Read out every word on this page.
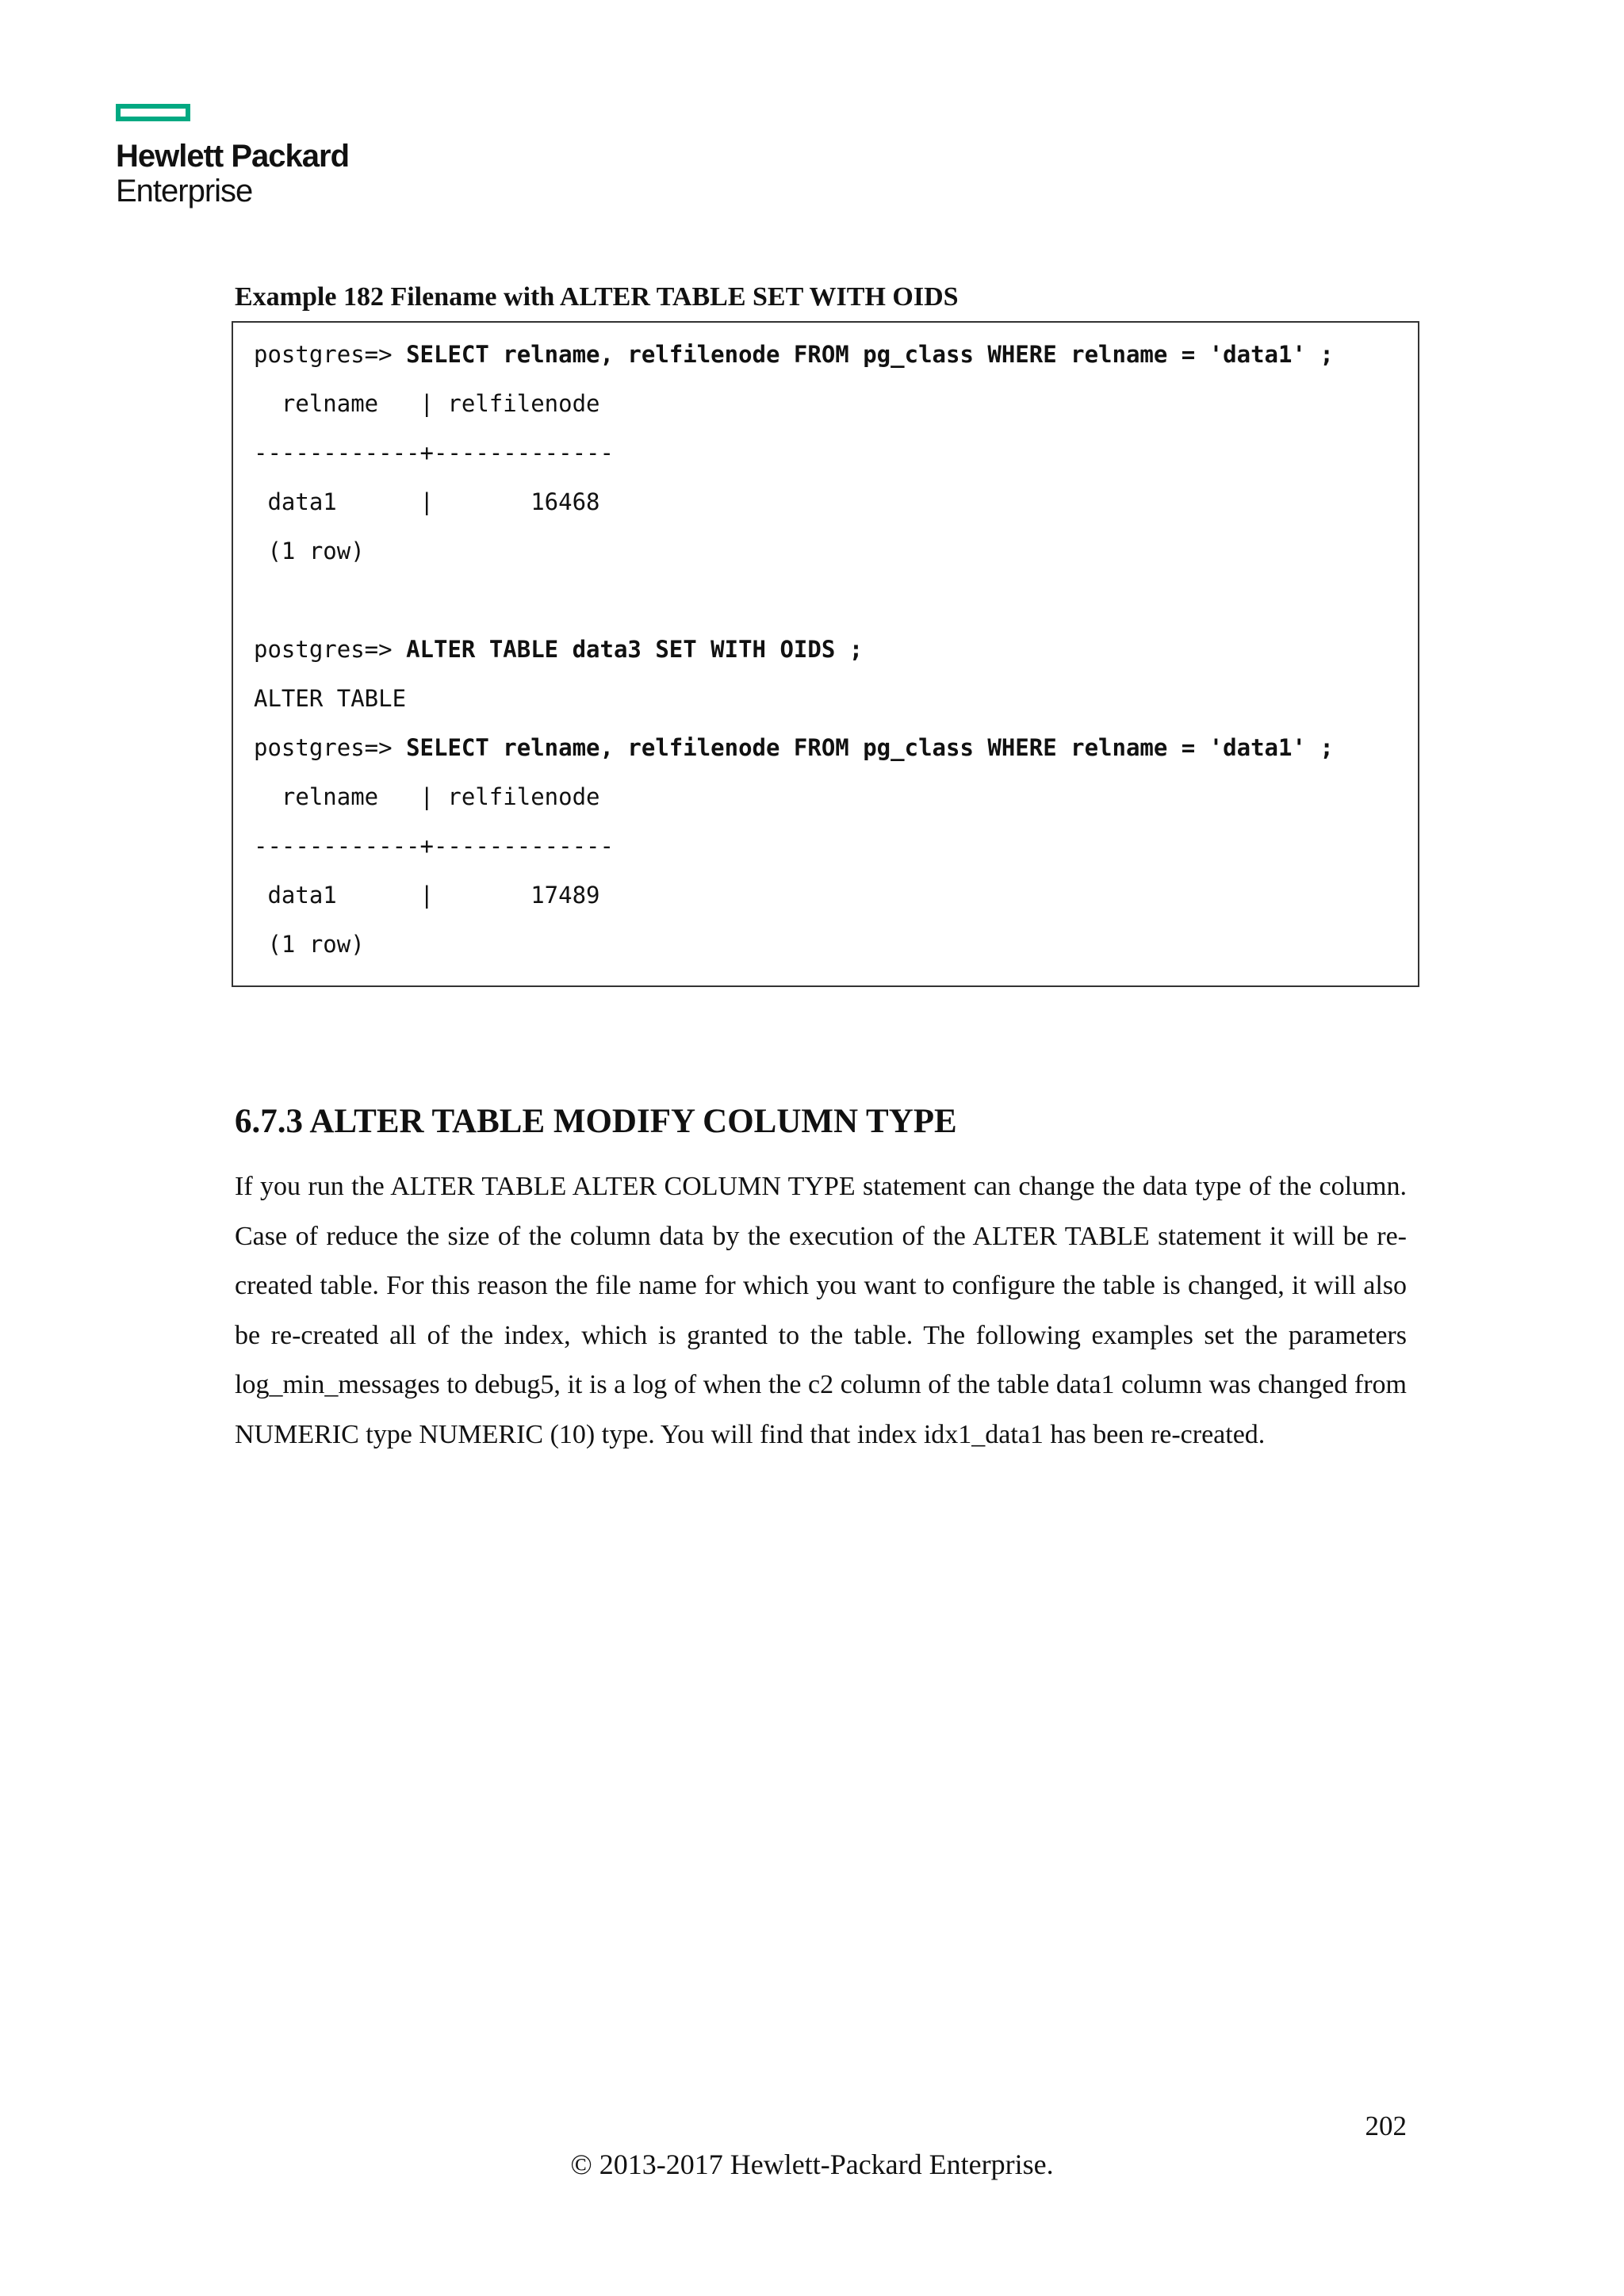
Hewlett Packard
Enterprise
Example 182 Filename with ALTER TABLE SET WITH OIDS
postgres=> SELECT relname, relfilenode FROM pg_class WHERE relname = 'data1' ;
relname   | relfilenode
------------+-------------
data1      |       16468
(1 row)
postgres=> ALTER TABLE data3 SET WITH OIDS ;
ALTER TABLE
postgres=> SELECT relname, relfilenode FROM pg_class WHERE relname = 'data1' ;
relname   | relfilenode
------------+-------------
data1      |       17489
(1 row)
6.7.3 ALTER TABLE MODIFY COLUMN TYPE
If you run the ALTER TABLE ALTER COLUMN TYPE statement can change the data type of the column. Case of reduce the size of the column data by the execution of the ALTER TABLE statement it will be re-created table. For this reason the file name for which you want to configure the table is changed, it will also be re-created all of the index, which is granted to the table. The following examples set the parameters log_min_messages to debug5, it is a log of when the c2 column of the table data1 column was changed from NUMERIC type NUMERIC (10) type. You will find that index idx1_data1 has been re-created.
202
© 2013-2017 Hewlett-Packard Enterprise.
